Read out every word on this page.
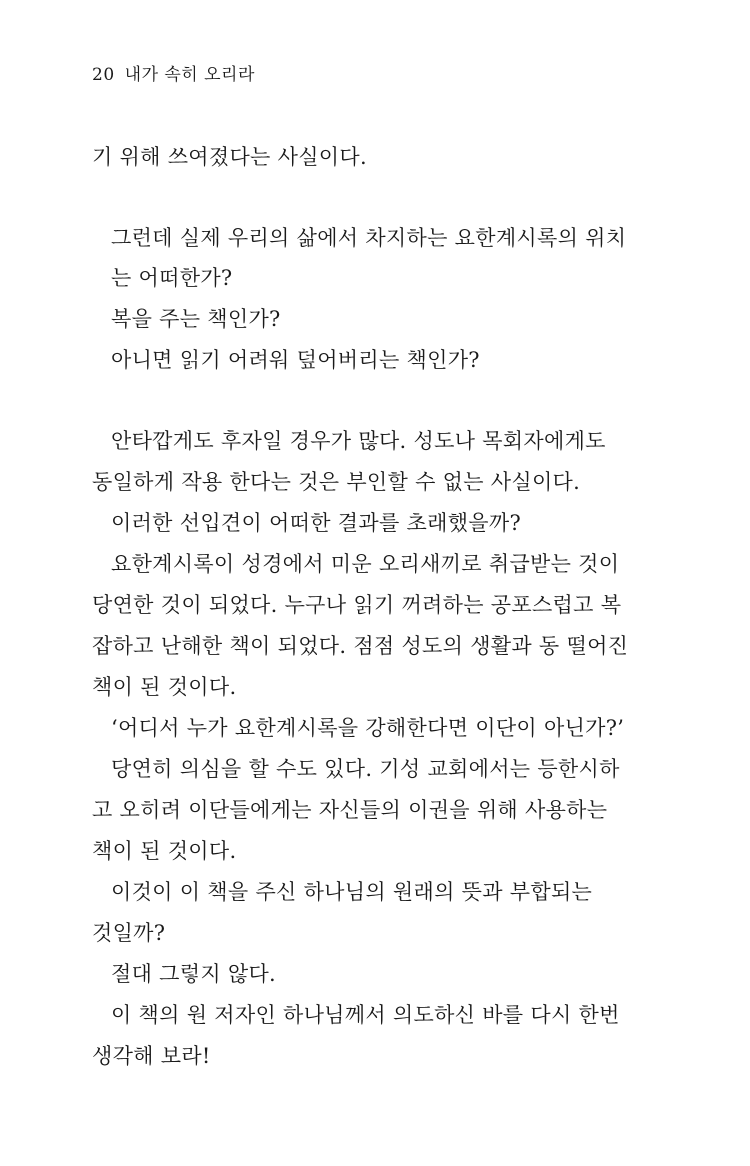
20 내가 속히 오리라
기 위해 쓰여졌다는 사실이다.
그런데 실제 우리의 삶에서 차지하는 요한계시록의 위치
는 어떠한가?
복을 주는 책인가?
아니면 읽기 어려워 덮어버리는 책인가?
안타깝게도 후자일 경우가 많다. 성도나 목회자에게도
동일하게 작용 한다는 것은 부인할 수 없는 사실이다.
이러한 선입견이 어떠한 결과를 초래했을까?
요한계시록이 성경에서 미운 오리새끼로 취급받는 것이
당연한 것이 되었다. 누구나 읽기 꺼려하는 공포스럽고 복
잡하고 난해한 책이 되었다. 점점 성도의 생활과 동 떨어진
책이 된 것이다.
‘어디서 누가 요한계시록을 강해한다면 이단이 아닌가?’
당연히 의심을 할 수도 있다. 기성 교회에서는 등한시하
고 오히려 이단들에게는 자신들의 이권을 위해 사용하는
책이 된 것이다.
이것이 이 책을 주신 하나님의 원래의 뜻과 부합되는
것일까?
절대 그렇지 않다.
이 책의 원 저자인 하나님께서 의도하신 바를 다시 한번
생각해 보라!
